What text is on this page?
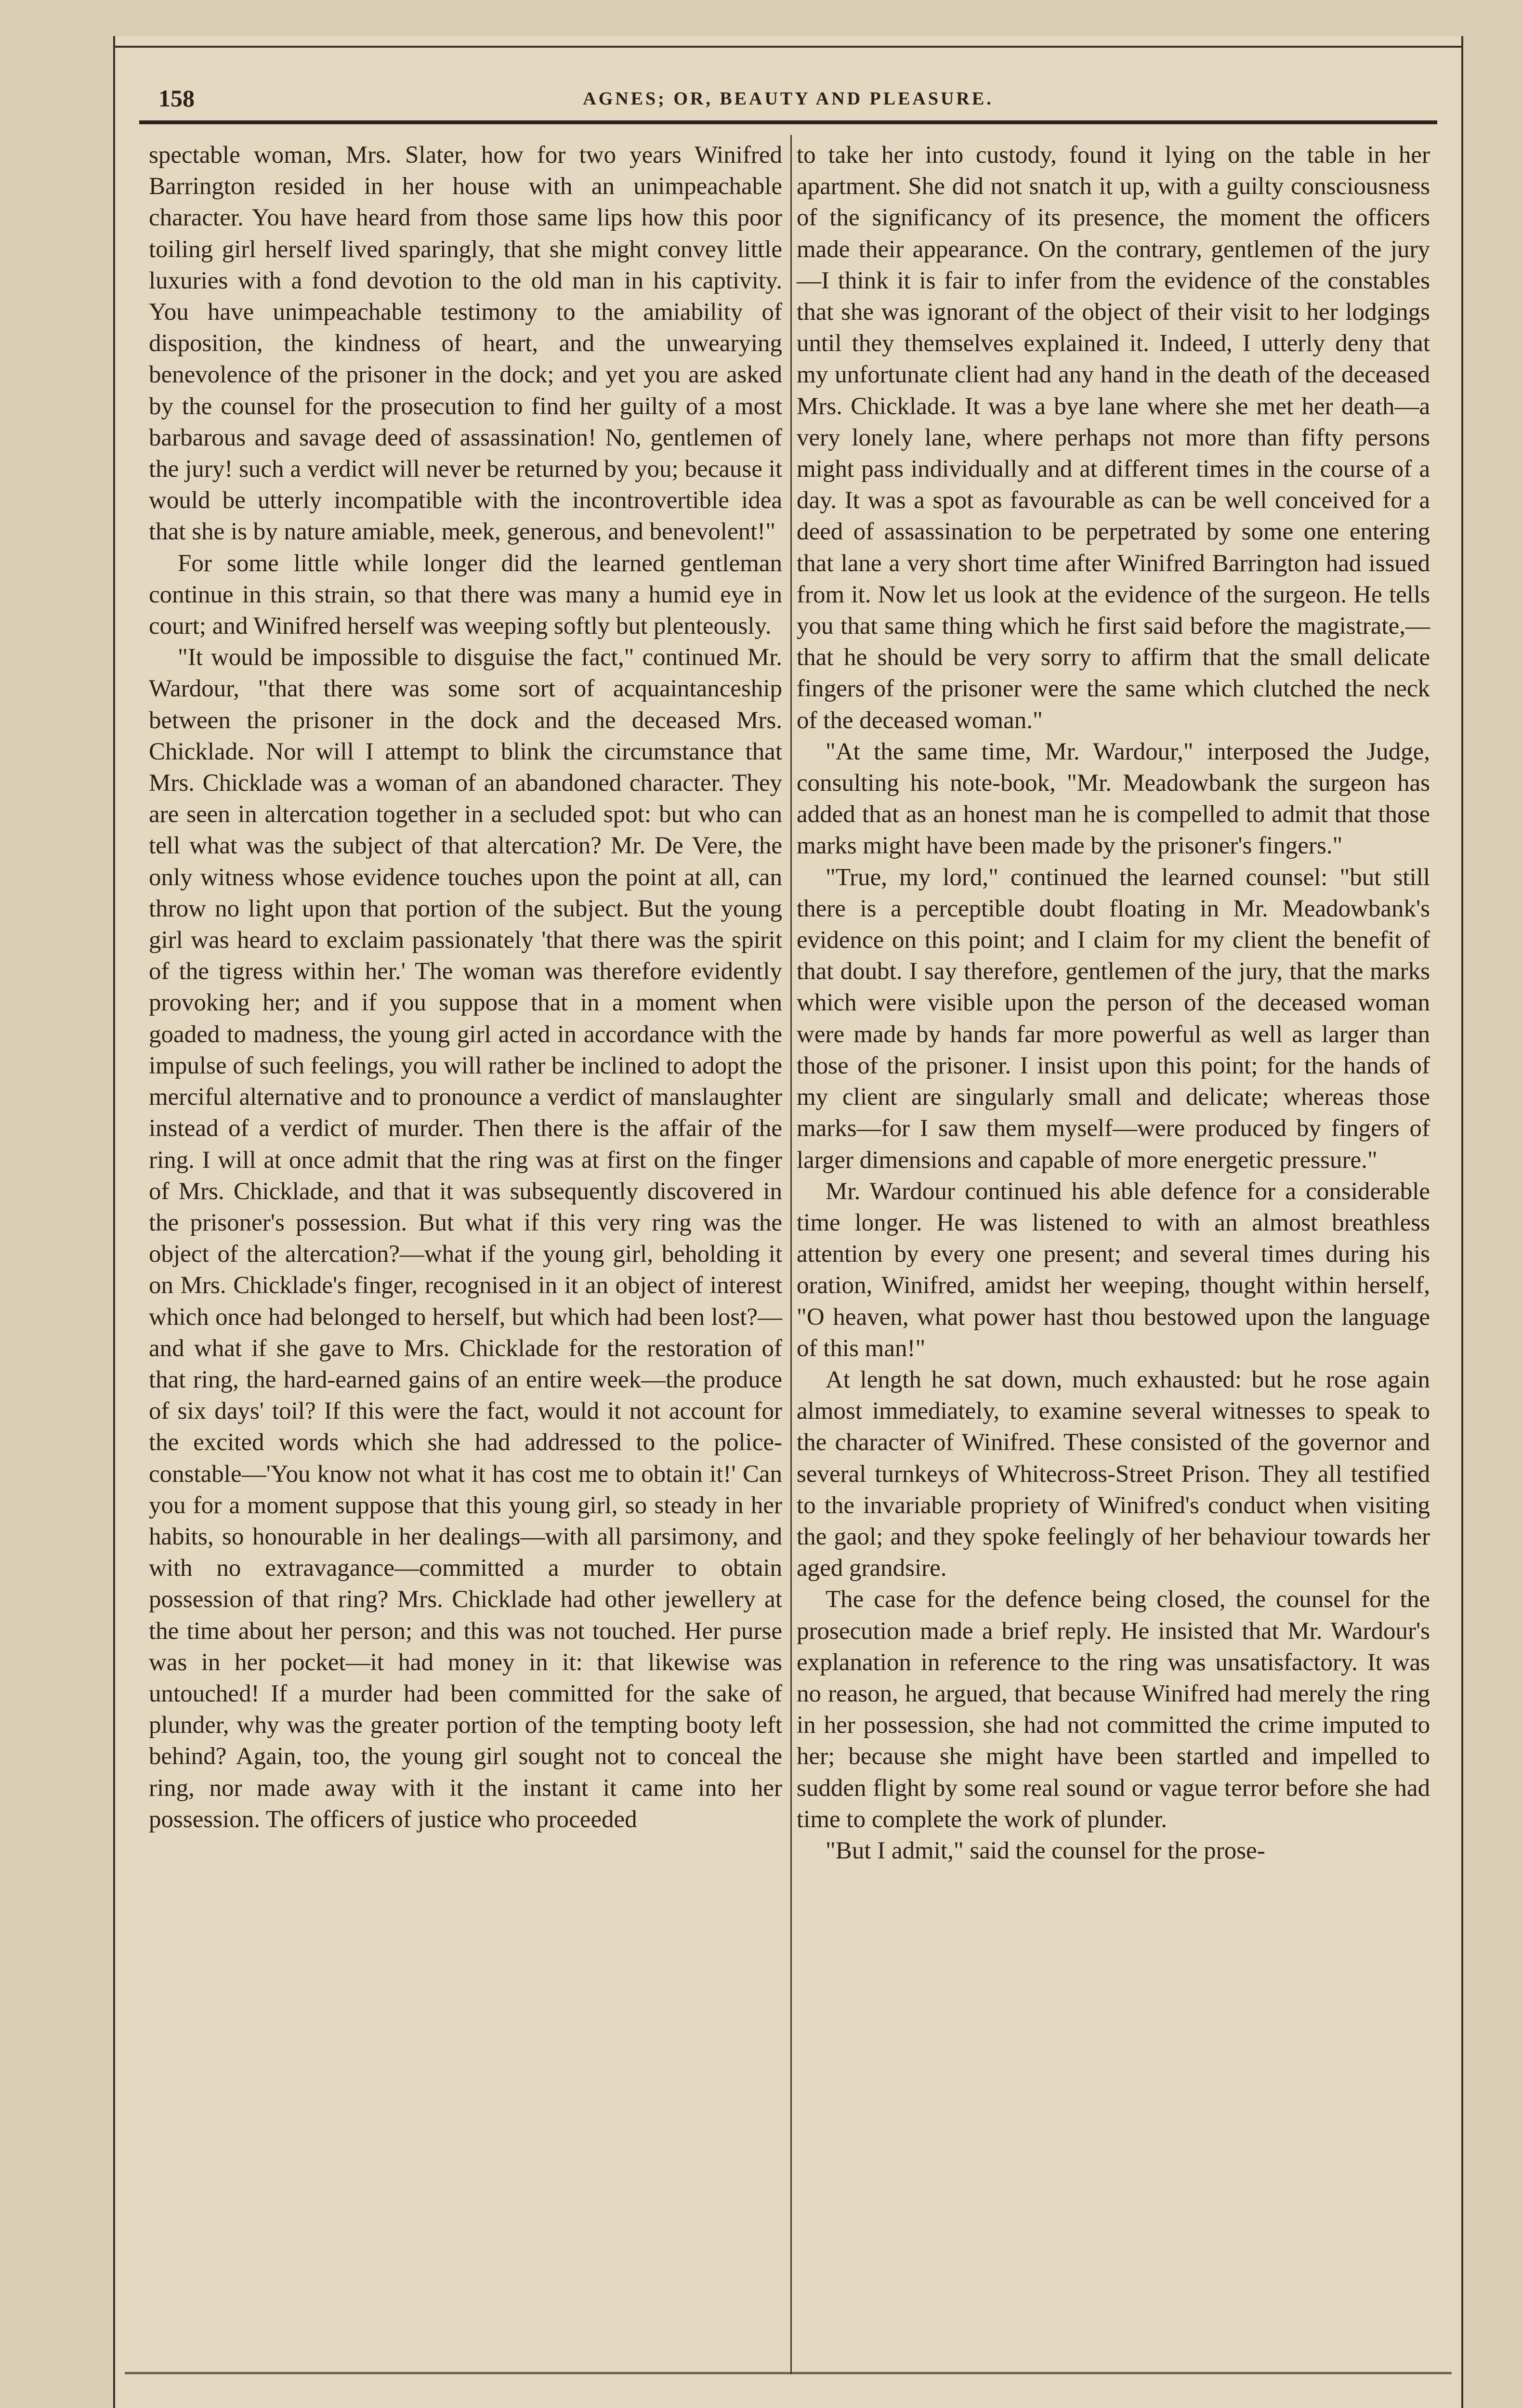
158	AGNES; OR, BEAUTY AND PLEASURE.

spectable woman, Mrs. Slater, how for two years Winifred Barrington resided in her house with an unimpeachable character. You have heard from those same lips how this poor toiling girl herself lived sparingly, that she might convey little luxuries with a fond devotion to the old man in his captivity. You have unimpeachable testimony to the amiability of disposition, the kindness of heart, and the unwearying benevolence of the prisoner in the dock; and yet you are asked by the counsel for the prosecution to find her guilty of a most barbarous and savage deed of assassination! No, gentlemen of the jury! such a verdict will never be returned by you; because it would be utterly incompatible with the incontrovertible idea that she is by nature amiable, meek, generous, and benevolent!"

For some little while longer did the learned gentleman continue in this strain, so that there was many a humid eye in court; and Winifred herself was weeping softly but plenteously.

"It would be impossible to disguise the fact," continued Mr. Wardour, "that there was some sort of acquaintanceship between the prisoner in the dock and the deceased Mrs. Chicklade. Nor will I attempt to blink the circumstance that Mrs. Chicklade was a woman of an abandoned character. They are seen in altercation together in a secluded spot: but who can tell what was the subject of that altercation? Mr. De Vere, the only witness whose evidence touches upon the point at all, can throw no light upon that portion of the subject. But the young girl was heard to exclaim passionately 'that there was the spirit of the tigress within her.' The woman was therefore evidently provoking her; and if you suppose that in a moment when goaded to madness, the young girl acted in accordance with the impulse of such feelings, you will rather be inclined to adopt the merciful alternative and to pronounce a verdict of manslaughter instead of a verdict of murder. Then there is the affair of the ring. I will at once admit that the ring was at first on the finger of Mrs. Chicklade, and that it was subsequently discovered in the prisoner's possession. But what if this very ring was the object of the altercation?—what if the young girl, beholding it on Mrs. Chicklade's finger, recognised in it an object of interest which once had belonged to herself, but which had been lost?—and what if she gave to Mrs. Chicklade for the restoration of that ring, the hard-earned gains of an entire week—the produce of six days' toil? If this were the fact, would it not account for the excited words which she had addressed to the police-constable—'You know not what it has cost me to obtain it!' Can you for a moment suppose that this young girl, so steady in her habits, so honourable in her dealings—with all parsimony, and with no extravagance—committed a murder to obtain possession of that ring? Mrs. Chicklade had other jewellery at the time about her person; and this was not touched. Her purse was in her pocket—it had money in it: that likewise was untouched! If a murder had been committed for the sake of plunder, why was the greater portion of the tempting booty left behind? Again, too, the young girl sought not to conceal the ring, nor made away with it the instant it came into her possession. The officers of justice who proceeded

to take her into custody, found it lying on the table in her apartment. She did not snatch it up, with a guilty consciousness of the significancy of its presence, the moment the officers made their appearance. On the contrary, gentlemen of the jury—I think it is fair to infer from the evidence of the constables that she was ignorant of the object of their visit to her lodgings until they themselves explained it. Indeed, I utterly deny that my unfortunate client had any hand in the death of the deceased Mrs. Chicklade. It was a bye lane where she met her death—a very lonely lane, where perhaps not more than fifty persons might pass individually and at different times in the course of a day. It was a spot as favourable as can be well conceived for a deed of assassination to be perpetrated by some one entering that lane a very short time after Winifred Barrington had issued from it. Now let us look at the evidence of the surgeon. He tells you that same thing which he first said before the magistrate,—that he should be very sorry to affirm that the small delicate fingers of the prisoner were the same which clutched the neck of the deceased woman."

"At the same time, Mr. Wardour," interposed the Judge, consulting his note-book, "Mr. Meadowbank the surgeon has added that as an honest man he is compelled to admit that those marks might have been made by the prisoner's fingers."

"True, my lord," continued the learned counsel: "but still there is a perceptible doubt floating in Mr. Meadowbank's evidence on this point; and I claim for my client the benefit of that doubt. I say therefore, gentlemen of the jury, that the marks which were visible upon the person of the deceased woman were made by hands far more powerful as well as larger than those of the prisoner. I insist upon this point; for the hands of my client are singularly small and delicate; whereas those marks—for I saw them myself—were produced by fingers of larger dimensions and capable of more energetic pressure."

Mr. Wardour continued his able defence for a considerable time longer. He was listened to with an almost breathless attention by every one present; and several times during his oration, Winifred, amidst her weeping, thought within herself, "O heaven, what power hast thou bestowed upon the language of this man!"

At length he sat down, much exhausted: but he rose again almost immediately, to examine several witnesses to speak to the character of Winifred. These consisted of the governor and several turnkeys of Whitecross-Street Prison. They all testified to the invariable propriety of Winifred's conduct when visiting the gaol; and they spoke feelingly of her behaviour towards her aged grandsire.

The case for the defence being closed, the counsel for the prosecution made a brief reply. He insisted that Mr. Wardour's explanation in reference to the ring was unsatisfactory. It was no reason, he argued, that because Winifred had merely the ring in her possession, she had not committed the crime imputed to her; because she might have been startled and impelled to sudden flight by some real sound or vague terror before she had time to complete the work of plunder.

"But I admit," said the counsel for the prose-
